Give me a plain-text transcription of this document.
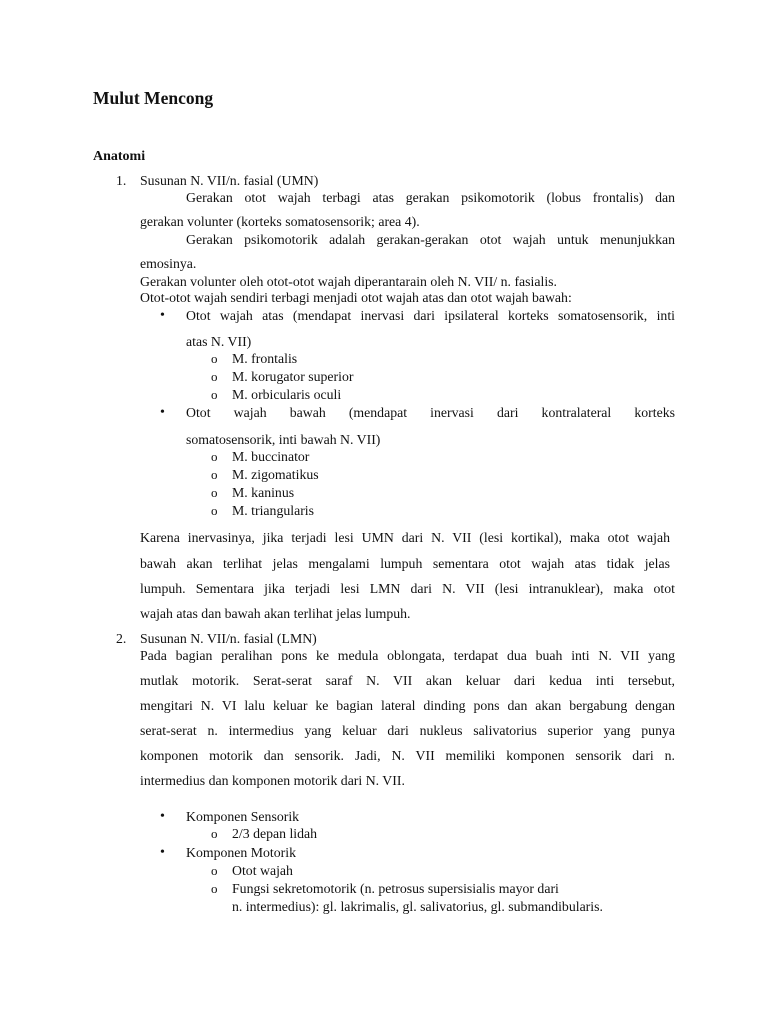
Mulut Mencong
Anatomi
1. Susunan N. VII/n. fasial (UMN)
Gerakan otot wajah terbagi atas gerakan psikomotorik (lobus frontalis) dan
gerakan volunter (korteks somatosensorik; area 4).
Gerakan psikomotorik adalah gerakan-gerakan otot wajah untuk menunjukkan
emosinya.
Gerakan volunter oleh otot-otot wajah diperantarain oleh N. VII/ n. fasialis.
Otot-otot wajah sendiri terbagi menjadi otot wajah atas dan otot wajah bawah:
• Otot wajah atas (mendapat inervasi dari ipsilateral korteks somatosensorik, inti
atas N. VII)
o M. frontalis
o M. korugator superior
o M. orbicularis oculi
• Otot wajah bawah (mendapat inervasi dari kontralateral korteks
somatosensorik, inti bawah N. VII)
o M. buccinator
o M. zigomatikus
o M. kaninus
o M. triangularis
Karena inervasinya, jika terjadi lesi UMN dari N. VII (lesi kortikal), maka otot wajah
bawah akan terlihat jelas mengalami lumpuh sementara otot wajah atas tidak jelas
lumpuh. Sementara jika terjadi lesi LMN dari N. VII (lesi intranuklear), maka otot
wajah atas dan bawah akan terlihat jelas lumpuh.
2. Susunan N. VII/n. fasial (LMN)
Pada bagian peralihan pons ke medula oblongata, terdapat dua buah inti N. VII yang
mutlak motorik. Serat-serat saraf N. VII akan keluar dari kedua inti tersebut,
mengitari N. VI lalu keluar ke bagian lateral dinding pons dan akan bergabung dengan
serat-serat n. intermedius yang keluar dari nukleus salivatorius superior yang punya
komponen motorik dan sensorik. Jadi, N. VII memiliki komponen sensorik dari n.
intermedius dan komponen motorik dari N. VII.
• Komponen Sensorik
o 2/3 depan lidah
• Komponen Motorik
o Otot wajah
o Fungsi sekretomotorik (n. petrosus supersisialis mayor dari
n. intermedius): gl. lakrimalis, gl. salivatorius, gl. submandibularis.
